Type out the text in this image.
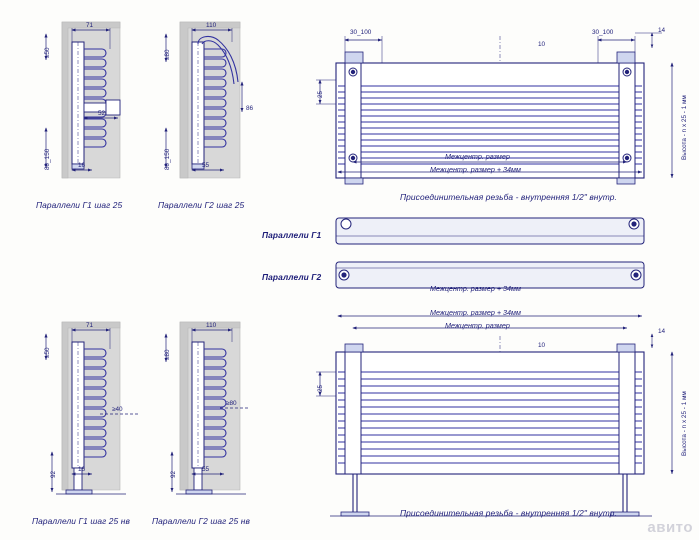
Параллели Г1 шаг 25	Параллели Г2 шаг 25
Параллели Г1 шаг 25 нв	Параллели Г2 шаг 25 нв
Присоединительная резьба - внутренняя 1/2" внутр.
Присоединительная резьба - внутренняя 1/2" внутр.
Параллели Г1
Параллели Г2
Межцентр. размер
Межцентр. размер + 34мм
Высота - n x 25 - 1 мм
Межцентр. размер + 34мм
Межцентр. размер + 34мм
Межцентр. размер
Высота - n x 25 - 1 мм
≥50
71
52
80_150	16
≥80
110
86
80_150	55
≥50
71
≥40
92
16
≥80
110
≥80
92
55
30_100
10
30_100	14
25
10
14
25
авито
